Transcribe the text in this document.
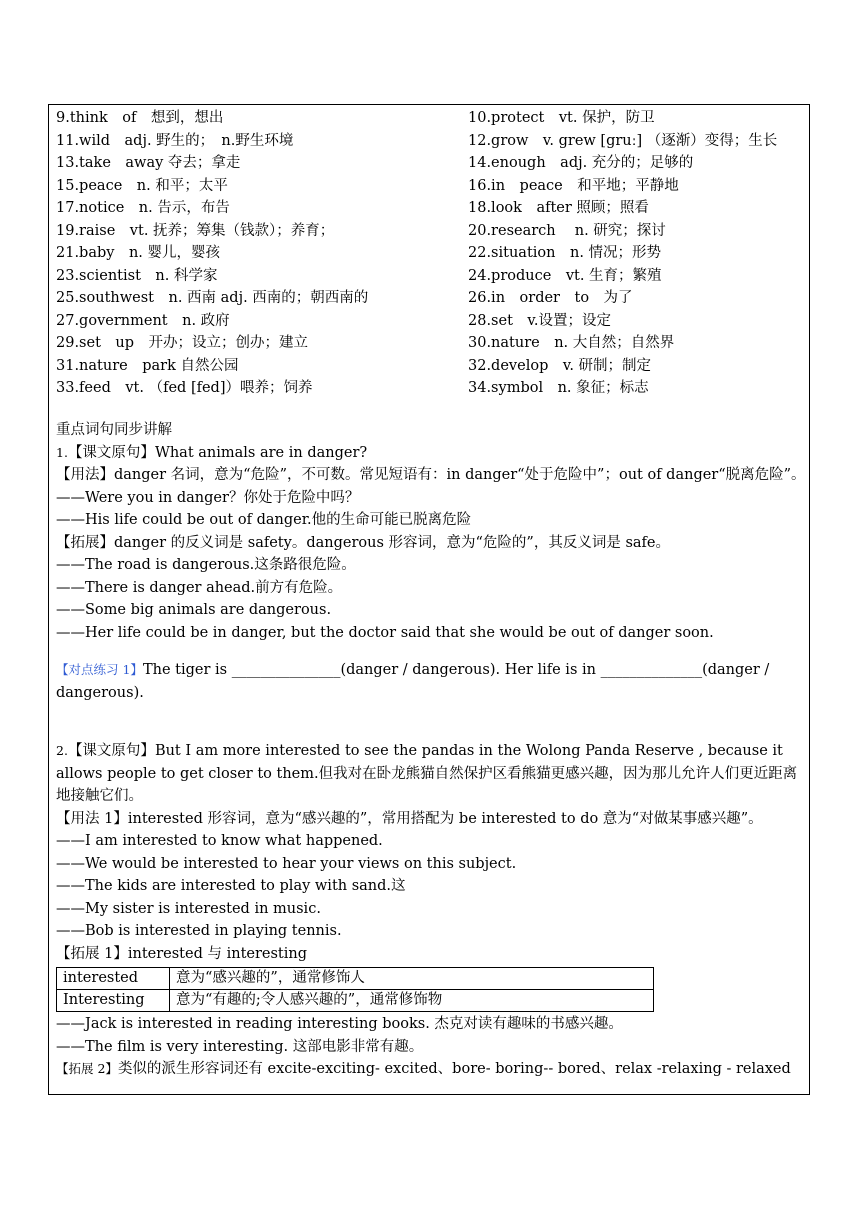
9.think　of　想到，想出	10.protect　vt. 保护，防卫
11.wild　adj. 野生的；　n.野生环境	12.grow　v. grew [gruː] （逐渐）变得；生长
13.take　away 夺去；拿走	14.enough　adj. 充分的；足够的
15.peace　n. 和平；太平	16.in　peace　和平地；平静地
17.notice　n. 告示，布告	18.look　after 照顾；照看
19.raise　vt. 抚养；筹集（钱款）；养育；	20.research　 n. 研究；探讨
21.baby　n. 婴儿，婴孩	22.situation　n. 情况；形势
23.scientist　n. 科学家	24.produce　vt. 生育；繁殖
25.southwest　n. 西南 adj. 西南的；朝西南的	26.in　order　to　为了
27.government　n. 政府	28.set　v.设置；设定
29.set　up　开办；设立；创办；建立	30.nature　n. 大自然；自然界
31.nature　park 自然公园	32.develop　v. 研制；制定
33.feed　vt. （fed [fed]）喂养；饲养	34.symbol　n. 象征；标志

重点词句同步讲解

1.【课文原句】What animals are in danger?

【用法】danger 名词，意为“危险”，不可数。常见短语有：in danger“处于危险中”；out of danger“脱离危险”。

——Were you in danger？你处于危险中吗？

——His life could be out of danger.他的生命可能已脱离危险

【拓展】danger 的反义词是 safety。dangerous 形容词，意为“危险的”，其反义词是 safe。

——The road is dangerous.这条路很危险。

——There is danger ahead.前方有危险。

——Some big animals are dangerous.

——Her life could be in danger, but the doctor said that she would be out of danger soon.

【对点练习 1】The tiger is _______________(danger / dangerous). Her life is in ______________(danger / dangerous).

2.【课文原句】But I am more interested to see the pandas in the Wolong Panda Reserve , because it allows people to get closer to them.但我对在卧龙熊猫自然保护区看熊猫更感兴趣，因为那儿允许人们更近距离地接触它们。

【用法 1】interested 形容词，意为“感兴趣的”，常用搭配为 be interested to do 意为“对做某事感兴趣”。

——I am interested to know what happened.

——We would be interested to hear your views on this subject.

——The kids are interested to play with sand.这

——My sister is interested in music.

——Bob is interested in playing tennis.

【拓展 1】interested 与 interesting

interested	意为“感兴趣的”，通常修饰人
Interesting	意为“有趣的;令人感兴趣的”，通常修饰物

——Jack is interested in reading interesting books. 杰克对读有趣味的书感兴趣。

——The film is very interesting. 这部电影非常有趣。

【拓展 2】类似的派生形容词还有 excite-exciting- excited、bore- boring-- bored、relax -relaxing - relaxed
